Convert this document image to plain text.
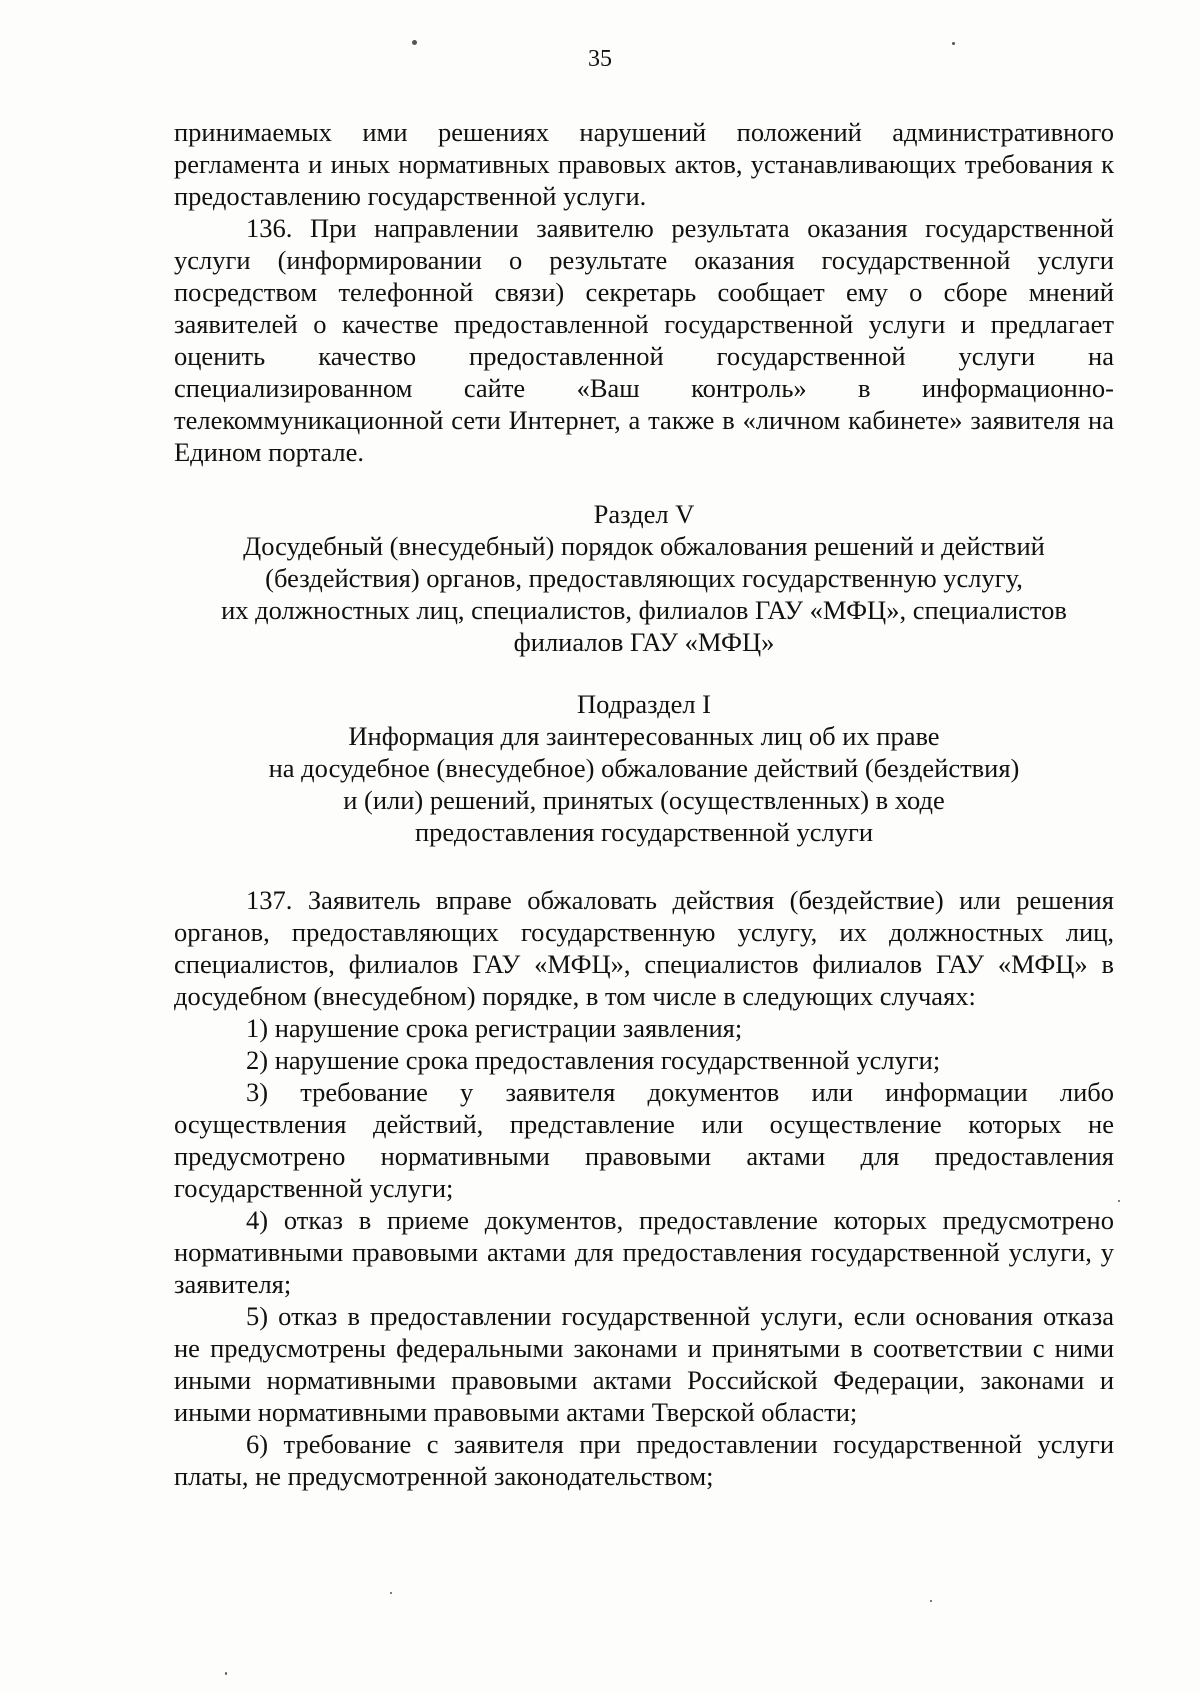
35

принимаемых ими решениях нарушений положений административного регламента и иных нормативных правовых актов, устанавливающих требования к предоставлению государственной услуги.

136. При направлении заявителю результата оказания государственной услуги (информировании о результате оказания государственной услуги посредством телефонной связи) секретарь сообщает ему о сборе мнений заявителей о качестве предоставленной государственной услуги и предлагает оценить качество предоставленной государственной услуги на специализированном сайте «Ваш контроль» в информационно-телекоммуникационной сети Интернет, а также в «личном кабинете» заявителя на Едином портале.

Раздел V

Досудебный (внесудебный) порядок обжалования решений и действий

(бездействия) органов, предоставляющих государственную услугу,

их должностных лиц, специалистов, филиалов ГАУ «МФЦ», специалистов

филиалов ГАУ «МФЦ»

Подраздел I

Информация для заинтересованных лиц об их праве

на досудебное (внесудебное) обжалование действий (бездействия)

и (или) решений, принятых (осуществленных) в ходе

предоставления государственной услуги

137. Заявитель вправе обжаловать действия (бездействие) или решения органов, предоставляющих государственную услугу, их должностных лиц, специалистов, филиалов ГАУ «МФЦ», специалистов филиалов ГАУ «МФЦ» в досудебном (внесудебном) порядке, в том числе в следующих случаях:

1) нарушение срока регистрации заявления;

2) нарушение срока предоставления государственной услуги;

3) требование у заявителя документов или информации либо осуществления действий, представление или осуществление которых не предусмотрено нормативными правовыми актами для предоставления государственной услуги;

4) отказ в приеме документов, предоставление которых предусмотрено нормативными правовыми актами для предоставления государственной услуги, у заявителя;

5) отказ в предоставлении государственной услуги, если основания отказа не предусмотрены федеральными законами и принятыми в соответствии с ними иными нормативными правовыми актами Российской Федерации, законами и иными нормативными правовыми актами Тверской области;

6) требование с заявителя при предоставлении государственной услуги платы, не предусмотренной законодательством;
